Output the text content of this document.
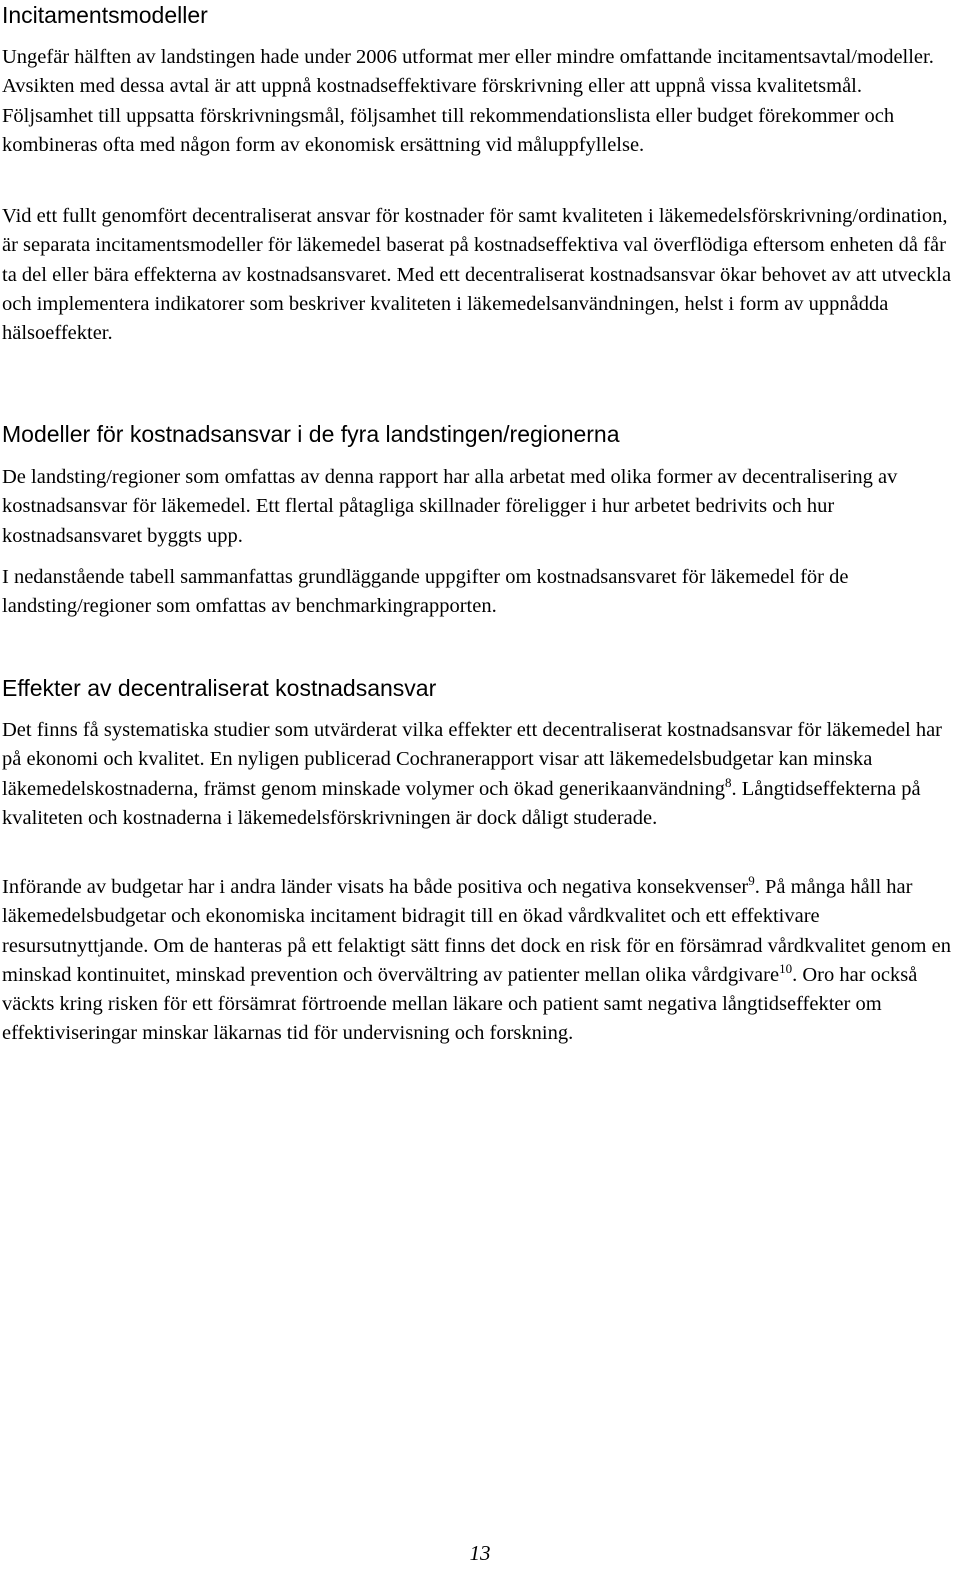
Incitamentsmodeller

Ungefär hälften av landstingen hade under 2006 utformat mer eller mindre omfattande incitamentsavtal/modeller. Avsikten med dessa avtal är att uppnå kostnadseffektivare förskrivning eller att uppnå vissa kvalitetsmål. Följsamhet till uppsatta förskrivningsmål, följsamhet till rekommendationslista eller budget förekommer och kombineras ofta med någon form av ekonomisk ersättning vid måluppfyllelse.

Vid ett fullt genomfört decentraliserat ansvar för kostnader för samt kvaliteten i läkemedelsförskrivning/ordination, är separata incitamentsmodeller för läkemedel baserat på kostnadseffektiva val överflödiga eftersom enheten då får ta del eller bära effekterna av kostnadsansvaret. Med ett decentraliserat kostnadsansvar ökar behovet av att utveckla och implementera indikatorer som beskriver kvaliteten i läkemedelsanvändningen, helst i form av uppnådda hälsoeffekter.

Modeller för kostnadsansvar i de fyra landstingen/regionerna

De landsting/regioner som omfattas av denna rapport har alla arbetat med olika former av decentralisering av kostnadsansvar för läkemedel. Ett flertal påtagliga skillnader föreligger i hur arbetet bedrivits och hur kostnadsansvaret byggts upp.

I nedanstående tabell sammanfattas grundläggande uppgifter om kostnadsansvaret för läkemedel för de landsting/regioner som omfattas av benchmarkingrapporten.

Effekter av decentraliserat kostnadsansvar

Det finns få systematiska studier som utvärderat vilka effekter ett decentraliserat kostnadsansvar för läkemedel har på ekonomi och kvalitet. En nyligen publicerad Cochranerapport visar att läkemedelsbudgetar kan minska läkemedelskostnaderna, främst genom minskade volymer och ökad generikaanvändning$^8$. Långtidseffekterna på kvaliteten och kostnaderna i läkemedelsförskrivningen är dock dåligt studerade.

Införande av budgetar har i andra länder visats ha både positiva och negativa konsekvenser$^9$. På många håll har läkemedelsbudgetar och ekonomiska incitament bidragit till en ökad vårdkvalitet och ett effektivare resursutnyttjande. Om de hanteras på ett felaktigt sätt finns det dock en risk för en försämrad vårdkvalitet genom en minskad kontinuitet, minskad prevention och övervältring av patienter mellan olika vårdgivare$^{10}$. Oro har också väckts kring risken för ett försämrat förtroende mellan läkare och patient samt negativa långtidseffekter om effektiviseringar minskar läkarnas tid för undervisning och forskning.

13
